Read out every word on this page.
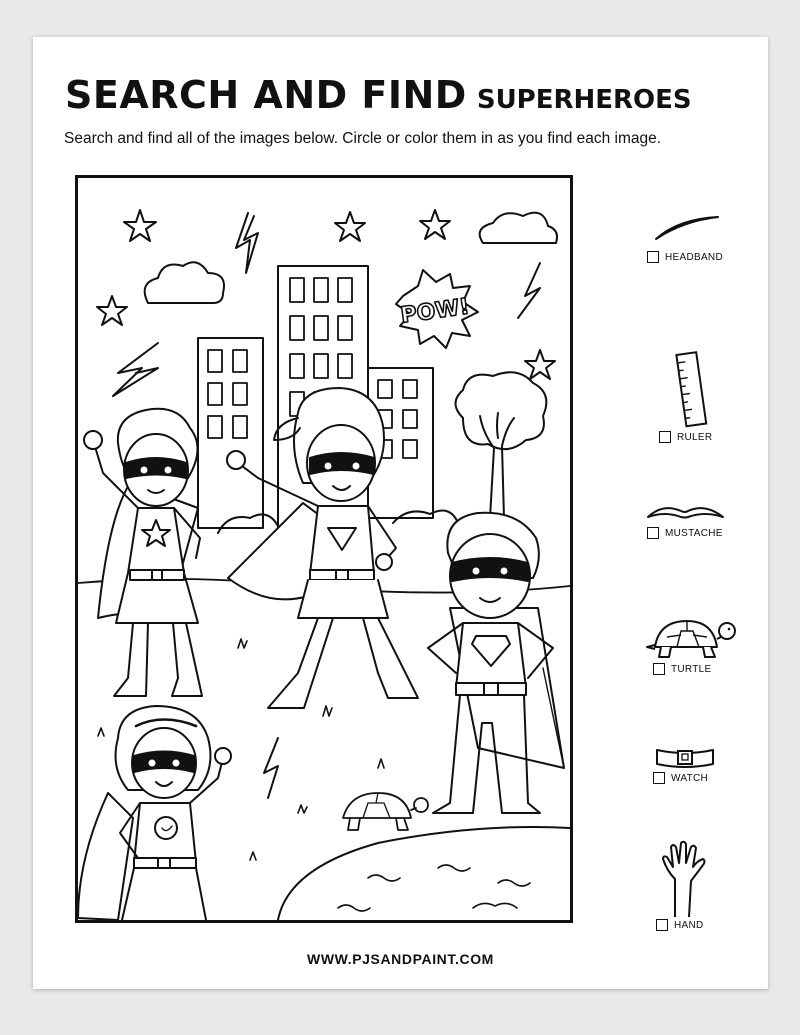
SEARCH AND FIND SUPERHEROES
Search and find all of the images below. Circle or color them in as you find each image.
POW!
HEADBAND
RULER
MUSTACHE
TURTLE
WATCH
HAND
WWW.PJSANDPAINT.COM
